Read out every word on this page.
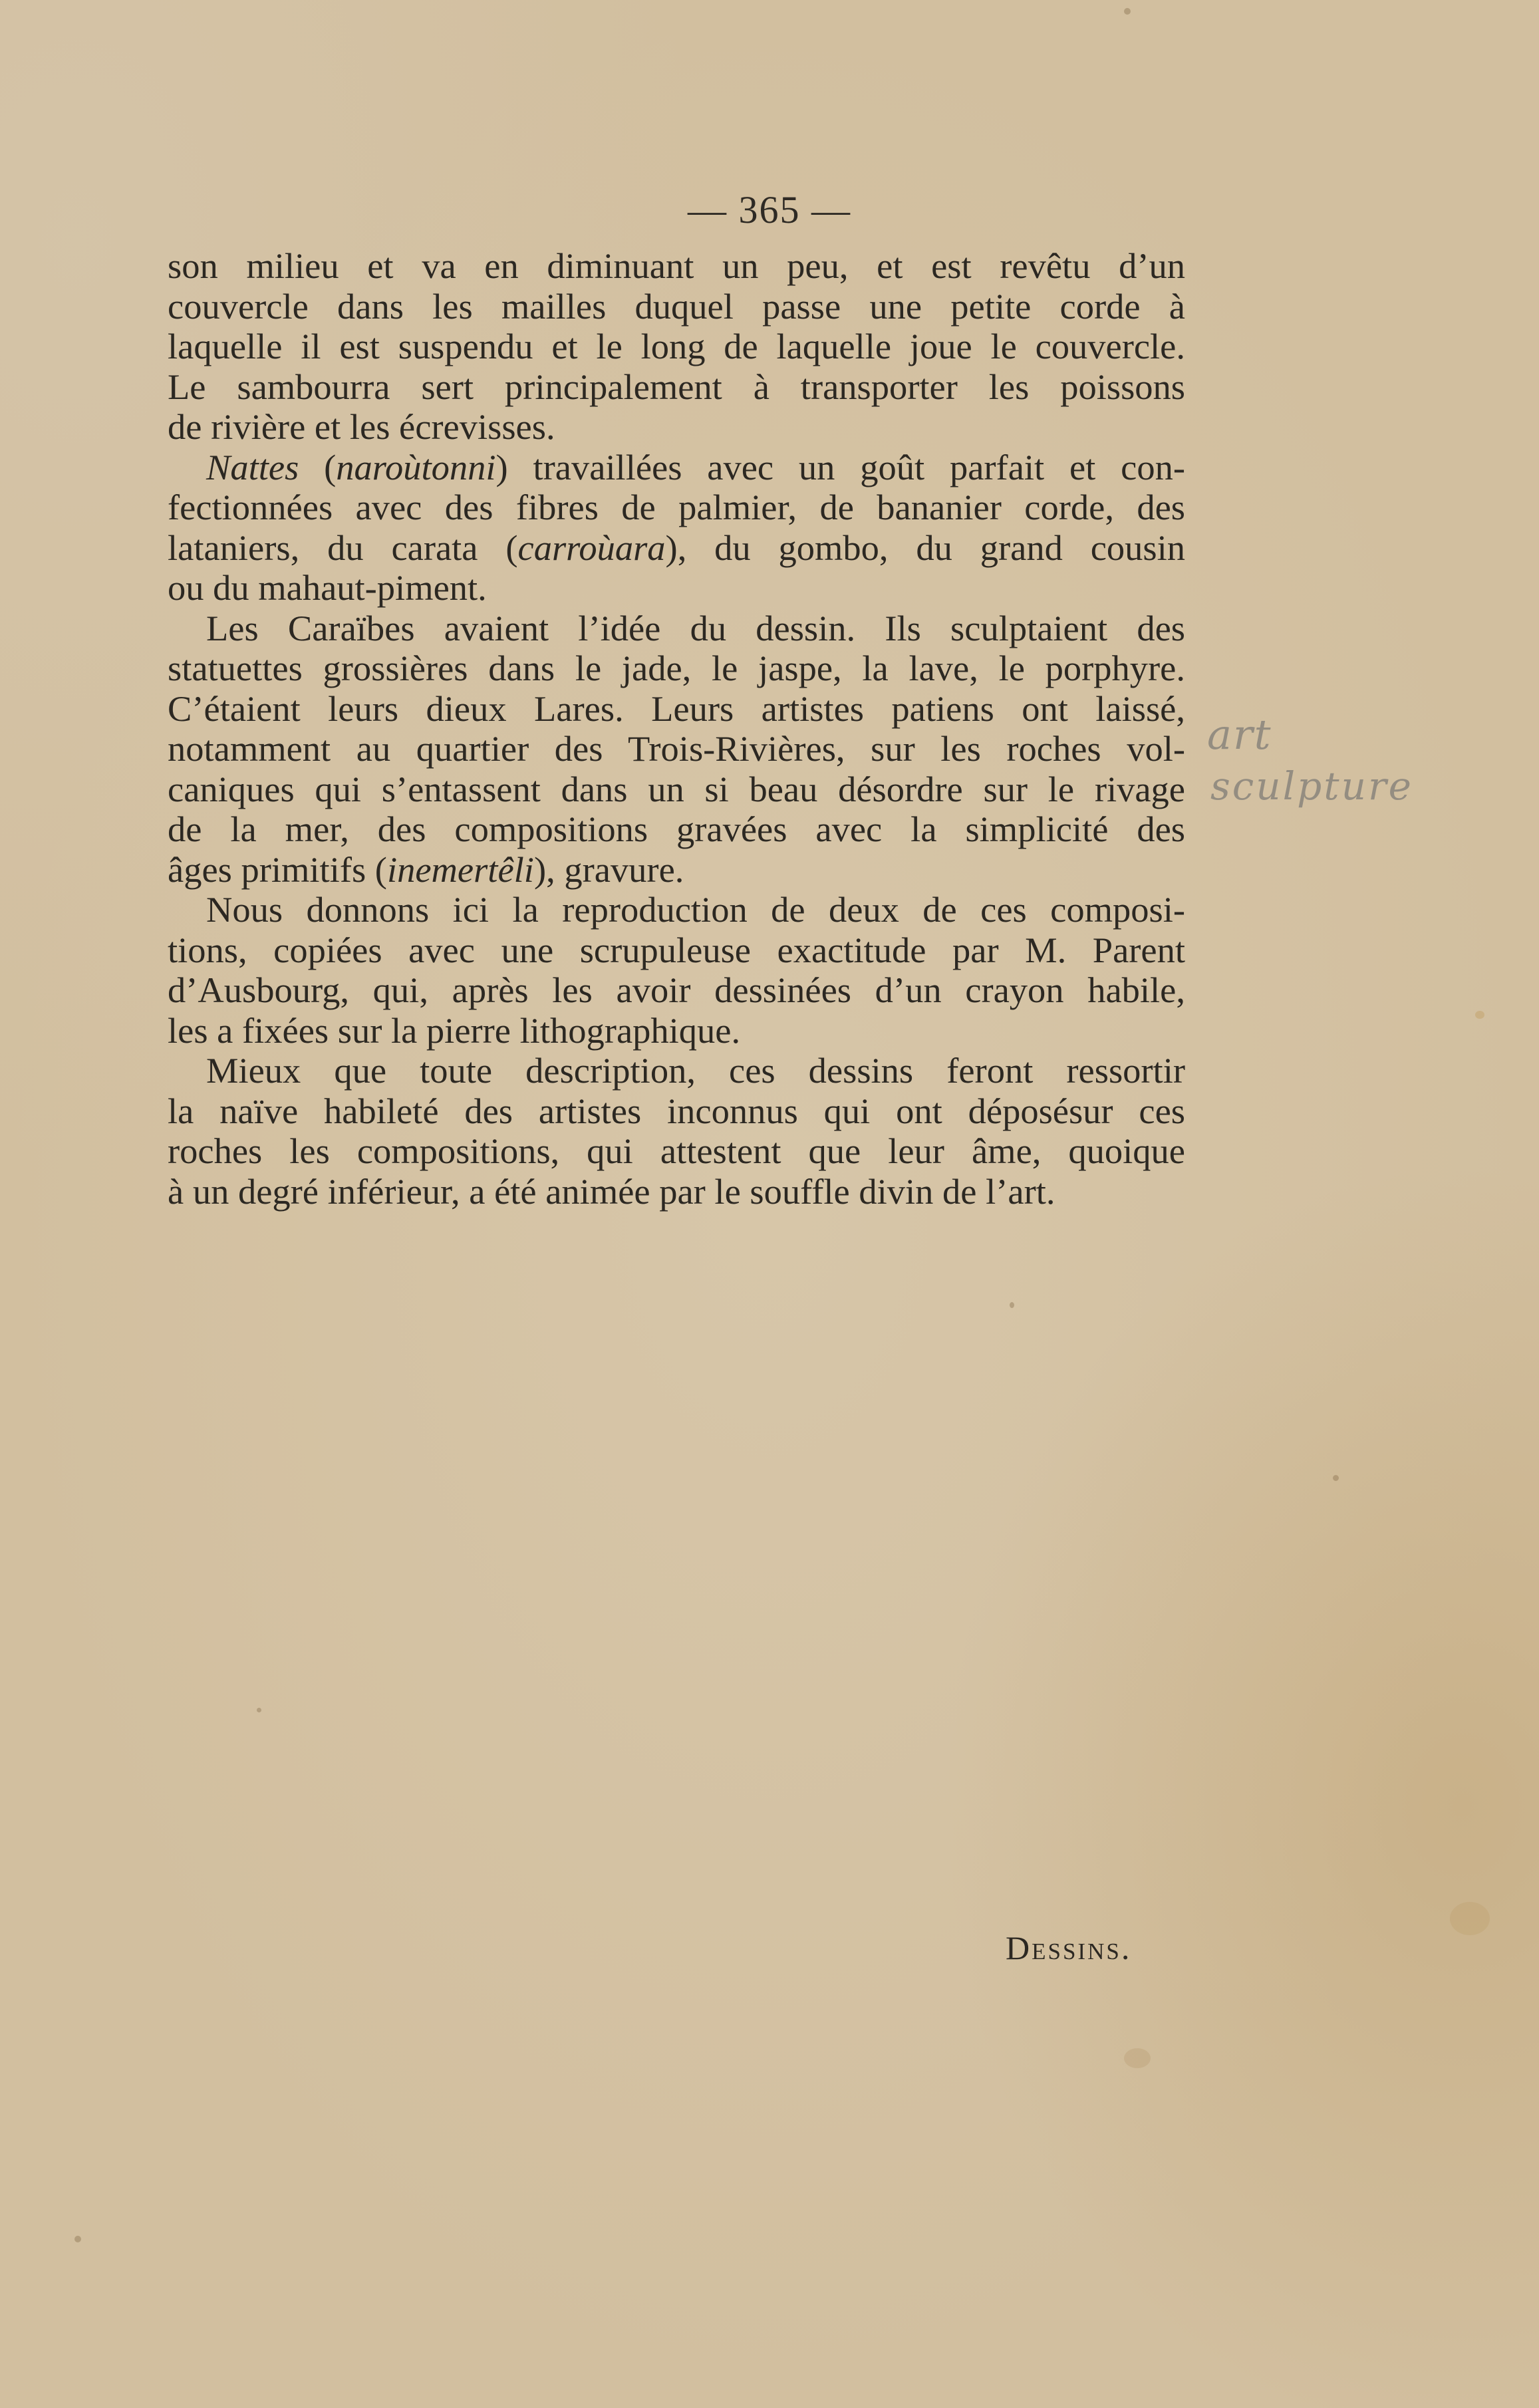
— 365 —

son milieu et va en diminuant un peu, et est revêtu d’un
couvercle dans les mailles duquel passe une petite corde à
laquelle il est suspendu et le long de laquelle joue le couvercle.
Le sambourra sert principalement à transporter les poissons
de rivière et les écrevisses.

Nattes (naroùtonni) travaillées avec un goût parfait et con-
fectionnées avec des fibres de palmier, de bananier corde, des
lataniers, du carata (carroùara), du gombo, du grand cousin
ou du mahaut-piment.

Les Caraïbes avaient l’idée du dessin. Ils sculptaient des
statuettes grossières dans le jade, le jaspe, la lave, le porphyre.
C’étaient leurs dieux Lares. Leurs artistes patiens ont laissé,
notamment au quartier des Trois-Rivières, sur les roches vol-
caniques qui s’entassent dans un si beau désordre sur le rivage
de la mer, des compositions gravées avec la simplicité des
âges primitifs (inemertêli), gravure.

Nous donnons ici la reproduction de deux de ces composi-
tions, copiées avec une scrupuleuse exactitude par M. Parent
d’Ausbourg, qui, après les avoir dessinées d’un crayon habile,
les a fixées sur la pierre lithographique.

Mieux que toute description, ces dessins feront ressortir
la naïve habileté des artistes inconnus qui ont déposésur ces
roches les compositions, qui attestent que leur âme, quoique
à un degré inférieur, a été animée par le souffle divin de l’art.

art
sculpture
Dessins.
